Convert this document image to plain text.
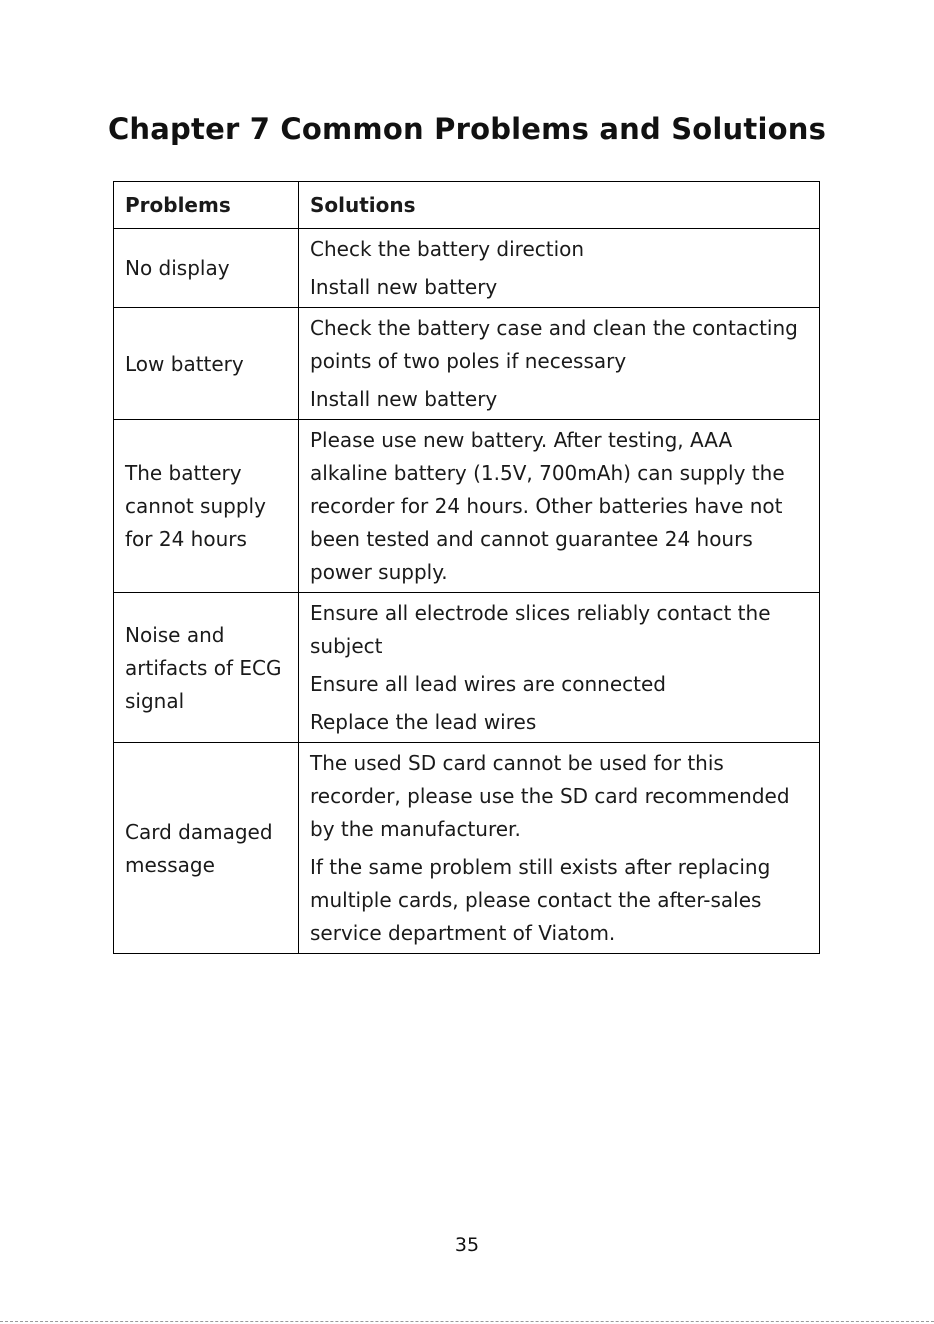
Chapter 7 Common Problems and Solutions
Problems	Solutions
No display	Check the battery direction
Install new battery

Low battery	Check the battery case and clean the contacting points of two poles if necessary
Install new battery

The battery cannot supply for 24 hours	Please use new battery. After testing, AAA alkaline battery (1.5V, 700mAh) can supply the recorder for 24 hours. Other batteries have not been tested and cannot guarantee 24 hours power supply.

Noise and artifacts of ECG signal	Ensure all electrode slices reliably contact the subject
Ensure all lead wires are connected
Replace the lead wires

Card damaged message	The used SD card cannot be used for this recorder, please use the SD card recommended by the manufacturer.
If the same problem still exists after replacing multiple cards, please contact the after-sales service department of Viatom.
35
